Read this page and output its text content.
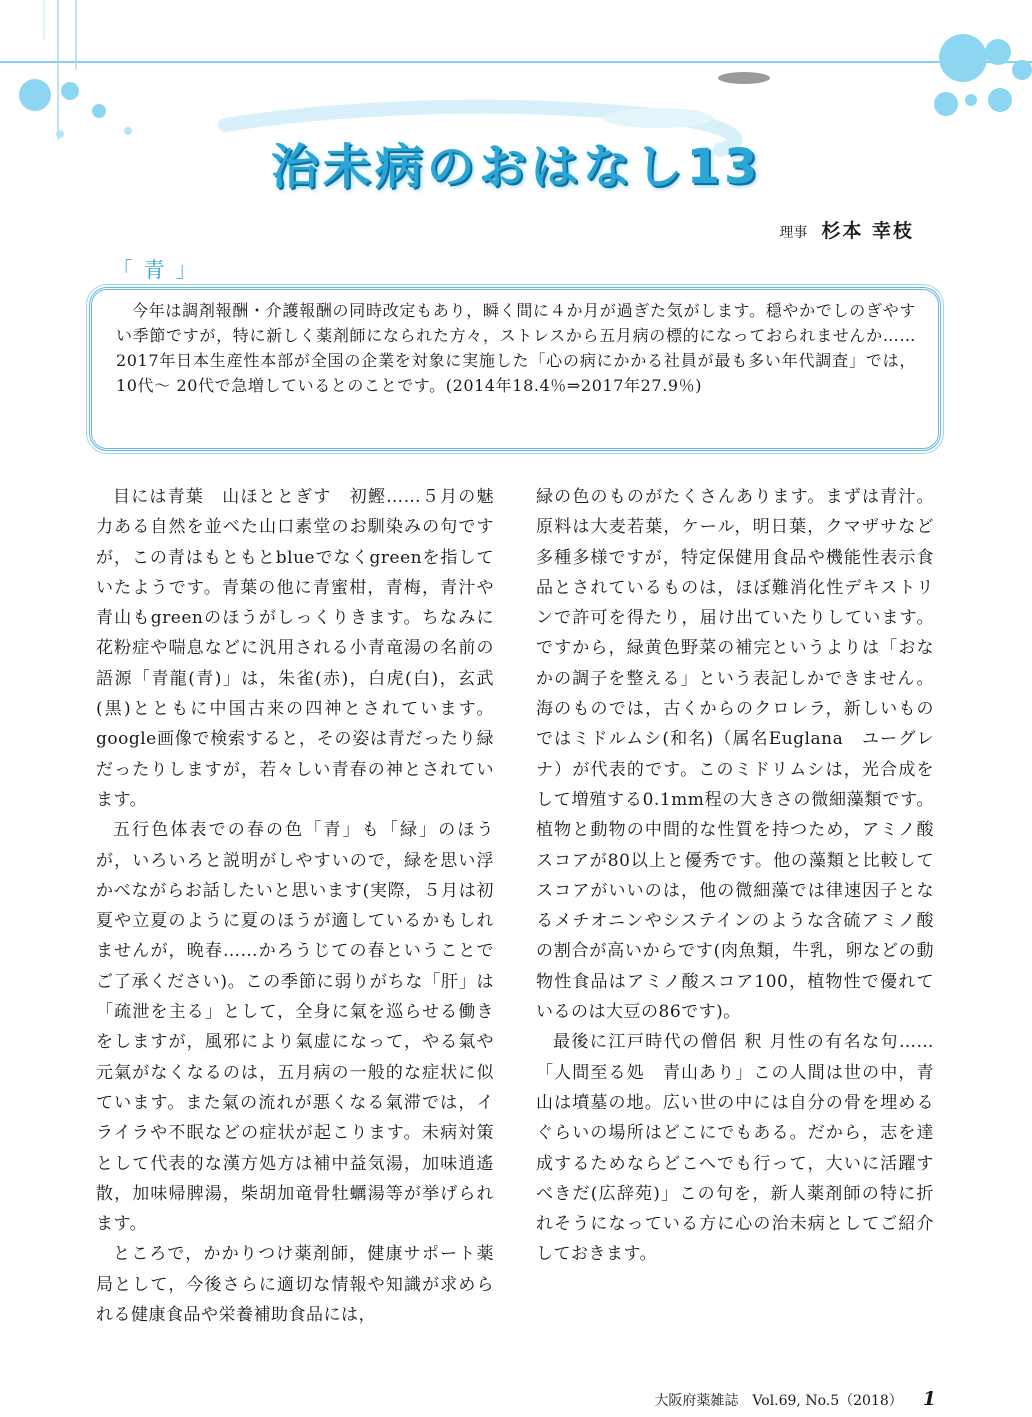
治未病のおはなし13
理事 杉本 幸枝
「 青 」

今年は調剤報酬・介護報酬の同時改定もあり，瞬く間に４か月が過ぎた気がします。穏やかでしのぎやすい季節ですが，特に新しく薬剤師になられた方々，ストレスから五月病の標的になっておられませんか……2017年日本生産性本部が全国の企業を対象に実施した「心の病にかかる社員が最も多い年代調査」では，10代～ 20代で急増しているとのことです。(2014年18.4％⇒2017年27.9％)

目には青葉　山ほととぎす　初鰹……５月の魅力ある自然を並べた山口素堂のお馴染みの句ですが，この青はもともとblueでなくgreenを指していたようです。青葉の他に青蜜柑，青梅，青汁や青山もgreenのほうがしっくりきます。ちなみに花粉症や喘息などに汎用される小青竜湯の名前の語源「青龍(青)」は，朱雀(赤)，白虎(白)，玄武(黒)とともに中国古来の四神とされています。google画像で検索すると，その姿は青だったり緑だったりしますが，若々しい青春の神とされています。

五行色体表での春の色「青」も「緑」のほうが，いろいろと説明がしやすいので，緑を思い浮かべながらお話したいと思います(実際，５月は初夏や立夏のように夏のほうが適しているかもしれませんが，晩春……かろうじての春ということでご了承ください)。この季節に弱りがちな「肝」は「疏泄を主る」として，全身に氣を巡らせる働きをしますが，風邪により氣虚になって，やる氣や元氣がなくなるのは，五月病の一般的な症状に似ています。また氣の流れが悪くなる氣滞では，イライラや不眠などの症状が起こります。未病対策として代表的な漢方処方は補中益気湯，加味逍遙散，加味帰脾湯，柴胡加竜骨牡蠣湯等が挙げられます。

ところで，かかりつけ薬剤師，健康サポート薬局として，今後さらに適切な情報や知識が求められる健康食品や栄養補助食品には，

緑の色のものがたくさんあります。まずは青汁。原料は大麦若葉，ケール，明日葉，クマザサなど多種多様ですが，特定保健用食品や機能性表示食品とされているものは，ほぼ難消化性デキストリンで許可を得たり，届け出ていたりしています。ですから，緑黄色野菜の補完というよりは「おなかの調子を整える」という表記しかできません。海のものでは，古くからのクロレラ，新しいものではミドルムシ(和名)（属名Euglana　ユーグレナ）が代表的です。このミドリムシは，光合成をして増殖する0.1mm程の大きさの微細藻類です。植物と動物の中間的な性質を持つため，アミノ酸スコアが80以上と優秀です。他の藻類と比較してスコアがいいのは，他の微細藻では律速因子となるメチオニンやシステインのような含硫アミノ酸の割合が高いからです(肉魚類，牛乳，卵などの動物性食品はアミノ酸スコア100，植物性で優れているのは大豆の86です)。

最後に江戸時代の僧侶 釈 月性の有名な句……「人間至る処　青山あり」この人間は世の中，青山は墳墓の地。広い世の中には自分の骨を埋めるぐらいの場所はどこにでもある。だから，志を達成するためならどこへでも行って，大いに活躍すべきだ(広辞苑)」この句を，新人薬剤師の特に折れそうになっている方に心の治未病としてご紹介しておきます。

大阪府薬雑誌　Vol.69, No.5（2018） 1
